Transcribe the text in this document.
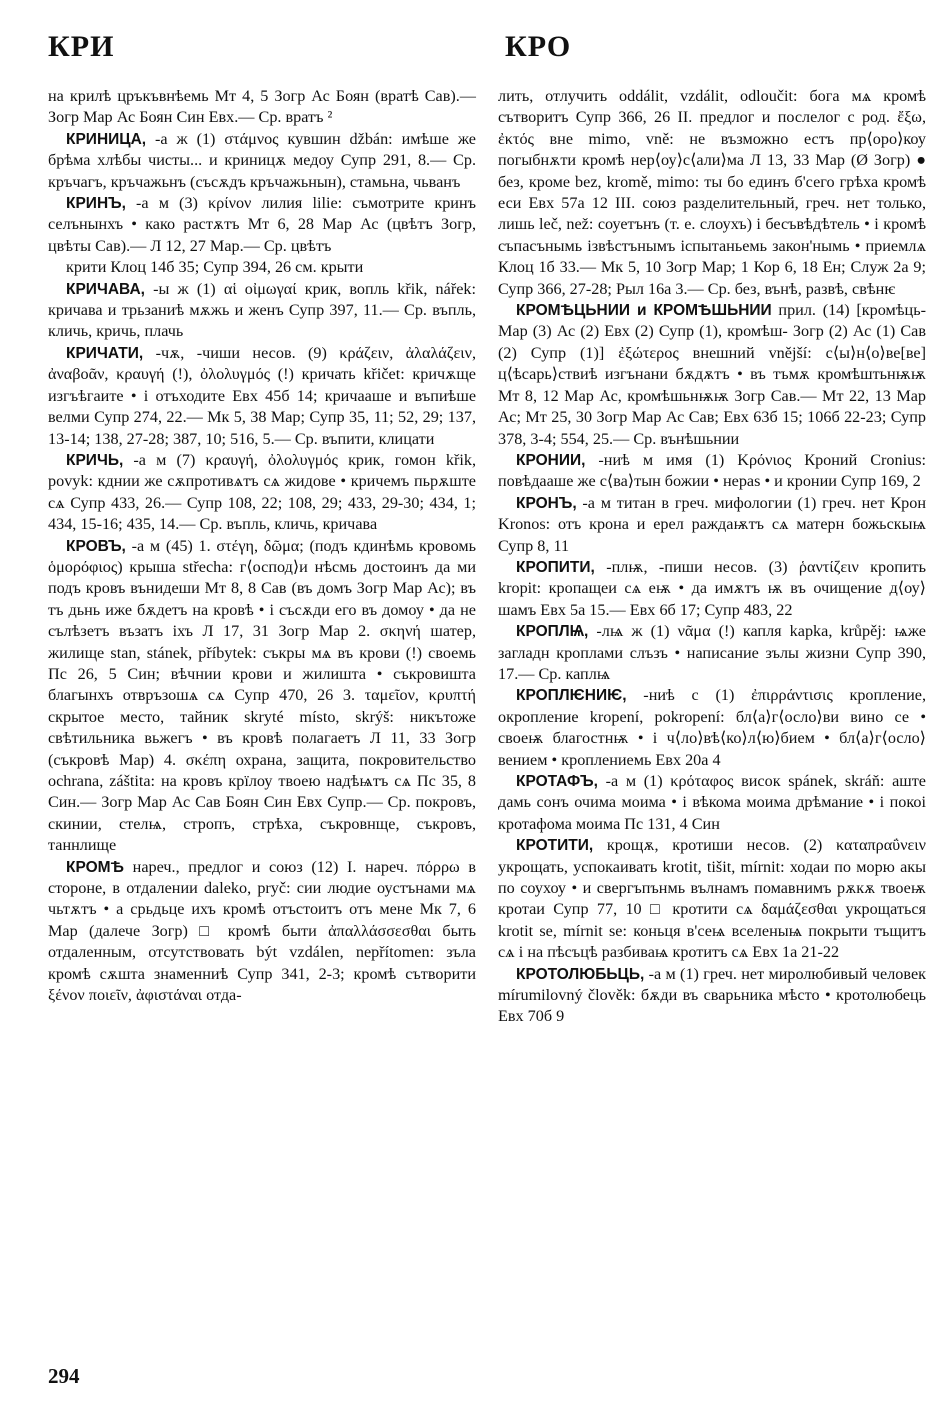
КРИ	КРО

на крилѣ цръкъвнѣемь Мт 4, 5 Зогр Ас Боян (вратѣ Сав).— Зогр Мар Ас Боян Син Евх.— Ср. вратъ ²

КРИНИЦА, -а ж (1) στάμνος кувшин džbán: имѣше же брѣма хлѣбы чисты... и криницѫ медоу Супр 291, 8.— Ср. кръчагъ, кръчажьнъ (съсѫдъ кръчажьнын), стамьна, чьванъ

КРИНЪ, -а м (3) κρίνον лилия lilie: съмотрите кринъ селънынхъ • како растѫтъ Мт 6, 28 Мар Ас (цвѣтъ Зогр, цвѣты Сав).— Л 12, 27 Мар.— Ср. цвѣтъ

крити Клоц 14б 35; Супр 394, 26 см. крыти

КРИЧАВА, -ы ж (1) αἱ οἰμωγαί крик, вопль křik, nářek: кричава и трьзаниѣ мѫжь и женъ Супр 397, 11.— Ср. въпль, кличь, кричь, плачь

КРИЧАТИ, -чѫ, -чиши несов. (9) κράζειν, ἀλαλάζειν, ἀναβοᾶν, κραυγή (!), ὀλολυγμός (!) кричать křičet: кричѫще изгъѣгаите • і отъходите Евх 45б 14; кричааше и въпиѣше велми Супр 274, 22.— Мк 5, 38 Мар; Супр 35, 11; 52, 29; 137, 13-14; 138, 27-28; 387, 10; 516, 5.— Ср. въпити, клицати

КРИЧЬ, -а м (7) κραυγή, ὀλολυγμός крик, гомон křik, povyk: кднии же сѫпротивѧтъ сѧ жидове • кричемъ пьрѫште сѧ Супр 433, 26.— Супр 108, 22; 108, 29; 433, 29-30; 434, 1; 434, 15-16; 435, 14.— Ср. въпль, кличь, кричава

КРОВЪ, -а м (45) 1. στέγη, δῶμα; (подъ кдинѣмь кровомь ὁμορόφιος) крыша střecha: г⟨оспод⟩и нѣсмь достоинъ да ми подъ кровъ вънидеши Мт 8, 8 Сав (въ домъ Зогр Мар Ас); въ тъ дьнь иже бѫдетъ на кровѣ • і съсѫди его въ домоу • да не сълѣзетъ възатъ іхъ Л 17, 31 Зогр Мар 2. σκηνή шатер, жилище stan, stánek, příbytek: съкры мѧ въ крови (!) своемь Пс 26, 5 Син; вѣчнии крови и жилишта • съкровишта благынхъ отвръзошѧ сѧ Супр 470, 26 3. ταμεῖον, κρυπτή скрытое место, тайник skryté místo, skrýš: никътоже свѣтильника вьжегъ • въ кровѣ полагаетъ Л 11, 33 Зогр (съкровѣ Мар) 4. σκέπη охрана, защита, покровительство ochrana, záštita: на кровъ крїлоу твоею надѣѩтъ сѧ Пс 35, 8 Син.— Зогр Мар Ас Сав Боян Син Евх Супр.— Ср. покровъ, скинии, стелѩ, стропъ, стрѣха, съкровнще, съкровъ, таннлище

КРОМѢ нареч., предлог и союз (12) I. нареч. πόρρω в стороне, в отдалении daleko, pryč: сии людие оустънами мѧ чьтѫтъ • а срьдьце ихъ кромѣ отъстоитъ отъ мене Мк 7, 6 Мар (далече Зогр) □ кромѣ быти ἀπαλλάσσεσθαι быть отдаленным, отсутствовать být vzdálen, nepřítomen: зъла кромѣ сѫшта знаменниѣ Супр 341, 2-3; кромѣ сътворити ξένον ποιεῖν, ἀφιστάναι отда-

лить, отлучить oddálit, vzdálit, odloučit: бога мѧ кромѣ сътворитъ Супр 366, 26 II. предлог и послелог с род. ἔξω, ἐκτός вне mimo, vně: не възможно естъ пр⟨оро⟩коу погыбнѫти кромѣ нер⟨оу⟩с⟨али⟩ма Л 13, 33 Мар (Ø Зогр) ● без, кроме bez, kromě, mimo: ты бо единъ б'сего грѣха кромѣ еси Евх 57а 12 III. союз разделительный, греч. нет только, лишь leč, než: соуетънъ (т. е. слоухъ) і бесъвѣдѣтель • і кромѣ съпасънымь ізвѣстънымъ іспытаньемь закон'нымь • приемлѧ Клоц 1б 33.— Мк 5, 10 Зогр Мар; 1 Кор 6, 18 Ен; Служ 2а 9; Супр 366, 27-28; Рыл 16а 3.— Ср. без, вънѣ, развѣ, свѣнѥ

КРОМѢЦЬНИИ и КРОМѢШЬНИИ прил. (14) [кромѣць- Мар (3) Ас (2) Евх (2) Супр (1), кромѣш- Зогр (2) Ас (1) Сав (2) Супр (1)] ἐξώτερος внешний vnější: с⟨ы⟩н⟨о⟩ве[ве] ц⟨ѣсарь⟩ствиѣ изгънани бѫдѫтъ • въ тъмѫ кромѣштьнѭѭ Мт 8, 12 Мар Ас, кромѣшьнѭѭ Зогр Сав.— Мт 22, 13 Мар Ас; Мт 25, 30 Зогр Мар Ас Сав; Евх 63б 15; 106б 22-23; Супр 378, 3-4; 554, 25.— Ср. вънѣшьнии

КРОНИИ, -ниѣ м имя (1) Κρόνιος Кроний Cronius: повѣдааше же с⟨ва⟩тын божии • нераѕ • и кронии Супр 169, 2

КРОНЪ, -а м титан в греч. мифологии (1) греч. нет Крон Kronos: отъ крона и ерел раждаѭтъ сѧ матерн божьскыѩ Супр 8, 11

КРОПИТИ, -плѭ, -пиши несов. (3) ῥαντίζειν кропить kropit: кропащеи сѧ еѭ • да имѫтъ ѭ въ очищение д⟨оу⟩шамъ Евх 5а 15.— Евх 6б 17; Супр 483, 22

КРОПЛѨ, -лѩ ж (1) νᾶμα (!) капля kapka, krůpěj: ѩже загладн кроплами слъзъ • написание зълы жизни Супр 390, 17.— Ср. каплѩ

КРОПЛѤНИѤ, -ниѣ с (1) ἐπιρράντισις кропление, окропление kropení, pokropení: бл⟨а⟩г⟨осло⟩ви вино се • своеѭ благостнѭ • і ч⟨ло⟩вѣ⟨ко⟩л⟨ю⟩бием • бл⟨а⟩г⟨осло⟩вением • кроплениемь Евх 20а 4

КРОТАФЪ, -а м (1) κρόταφος висок spánek, skráň: аште дамь сонъ очима моима • і вѣкома моима дрѣмание • і покоі кротафома моима Пс 131, 4 Син

КРОТИТИ, крощѫ, кротиши несов. (2) καταπραΰνειν укрощать, успокаивать krotit, tišit, mírnit: ходаи по морю акы по соухоу • и свергъпънмь вълнамъ помавнимъ рѫкѫ твоеѭ кротаи Супр 77, 10 □ кротити сѧ δαμάζεσθαι укрощаться krotit se, mírnit se: коньця в'сеѩ вселеныѩ покрыти тъщитъ сѧ і на пѣсъцѣ разбиваѩ кротитъ сѧ Евх 1а 21-22

КРОТОЛЮБЬЦЬ, -а м (1) греч. нет миролюбивый человек mírumilovný člověk: бѫди въ сварьника мѣсто • кротолюбець Евх 70б 9

294
